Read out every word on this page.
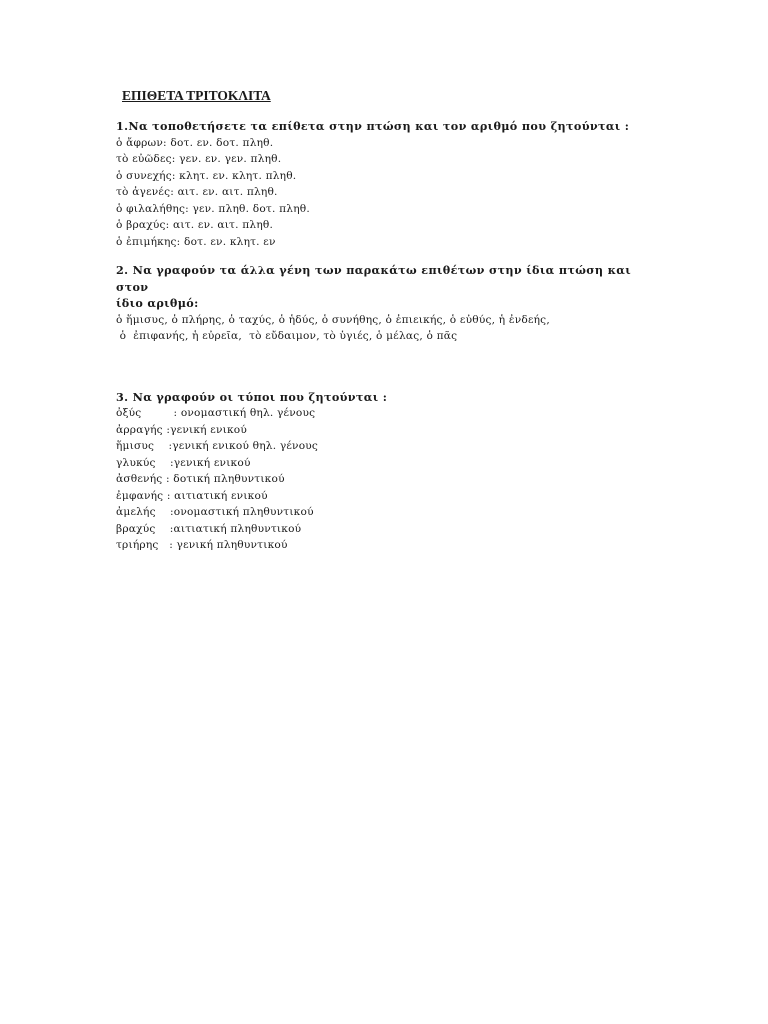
ΕΠΙΘΕΤΑ ΤΡΙΤΟΚΛΙΤΑ
1.Να τοποθετήσετε τα επίθετα στην πτώση και τον αριθμό που ζητούνται :
ὁ ἄφρων: δοτ. εν. δοτ. πληθ.
τὸ εὐῶδες: γεν. εν. γεν. πληθ.
ὁ συνεχής: κλητ. εν. κλητ. πληθ.
τὸ ἀγενές: αιτ. εν. αιτ. πληθ.
ὁ φιλαλήθης: γεν. πληθ. δοτ. πληθ.
ὁ βραχύς: αιτ. εν. αιτ. πληθ.
ὁ ἐπιμήκης: δοτ. εν. κλητ. εν
2. Να γραφούν τα άλλα γένη των παρακάτω επιθέτων στην ίδια πτώση και στον
ίδιο αριθμό:
ὁ ἥμισυς, ὁ πλήρης, ὁ ταχύς, ὁ ἡδύς, ὁ συνήθης, ὁ ἐπιεικής, ὁ εὐθύς, ἡ ἐνδεής,
ὁ  ἐπιφανής, ἡ εὐρεῖα,  τὸ εὔδαιμον, τὸ ὑγιές, ὁ μέλας, ὁ πᾶς
3. Να γραφούν οι τύποι που ζητούνται :
ὀξύς         : ονομαστική θηλ. γένους
ἀρραγής :γενική ενικού
ἥμισυς    :γενική ενικού θηλ. γένους
γλυκύς    :γενική ενικού
ἀσθενής : δοτική πληθυντικού
ἐμφανής : αιτιατική ενικού
ἀμελής    :ονομαστική πληθυντικού
βραχύς    :αιτιατική πληθυντικού
τριήρης   : γενική πληθυντικού
